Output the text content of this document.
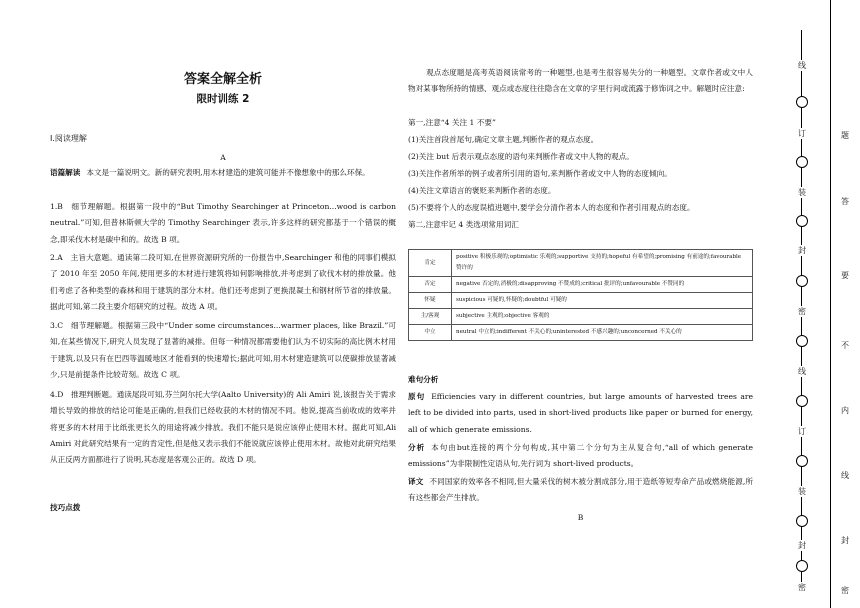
答案全解全析
限时训练 2
Ⅰ.阅读理解
A

语篇解读 本文是一篇说明文。新的研究表明,用木材建造的建筑可能并不像想象中的那么环保。

1.B　细节理解题。根据第一段中的“But Timothy Searchinger at Princeton...wood is carbon neutral.”可知,但普林斯顿大学的 Timothy Searchinger 表示,许多这样的研究都基于一个错误的概念,即采伐木材是碳中和的。故选 B 项。

2.A　主旨大意题。通读第二段可知,在世界资源研究所的一份报告中,Searchinger 和他的同事们模拟了 2010 年至 2050 年间,使用更多的木材进行建筑将如何影响排放,并考虑到了砍伐木材的排放量。他们考虑了各种类型的森林和用于建筑的部分木材。他们还考虑到了更换混凝土和钢材所节省的排放量。据此可知,第二段主要介绍研究的过程。故选 A 项。

3.C　细节理解题。根据第三段中“Under some circumstances...warmer places, like Brazil.”可知,在某些情况下,研究人员发现了显著的减排。但每一种情况都需要他们认为不切实际的高比例木材用于建筑,以及只有在巴西等温暖地区才能看到的快速增长;据此可知,用木材建造建筑可以使碳排放显著减少,只是前提条件比较苛刻。故选 C 项。

4.D　推理判断题。通读尾段可知,芬兰阿尔托大学(Aalto University)的 Ali Amiri 说,该报告关于需求增长导致的排放的结论可能是正确的,但我们已经收获的木材的情况不同。他说,提高当前收成的效率并将更多的木材用于比纸张更长久的用途将减少排放。我们不能只是说应该停止使用木材。据此可知,Ali Amiri 对此研究结果有一定的肯定性,但是他又表示我们不能说就应该停止使用木材。故他对此研究结果从正反两方面都进行了说明,其态度是客观公正的。故选 D 项。

技巧点拨

观点态度题是高考英语阅读常考的一种题型,也是考生很容易失分的一种题型。文章作者或文中人物对某事物所持的情感、观点或态度往往隐含在文章的字里行间或流露于修饰词之中。解题时应注意:

第一,注意“4 关注 1 不要”
(1)关注首段首尾句,确定文章主题,判断作者的观点态度。
(2)关注 but 后表示观点态度的语句来判断作者或文中人物的观点。
(3)关注作者所举的例子或者所引用的语句,来判断作者或文中人物的态度倾向。
(4)关注文章语言的褒贬来判断作者的态度。
(5)不要将个人的态度误植进题中,要学会分清作者本人的态度和作者引用观点的态度。
第二,注意牢记 4 类选项常用词汇
肯定	positive 积极乐观的;optimistic 乐观的;supportive 支持的;hopeful 有希望的;promising 有前途的;favourable 赞许的
否定	negative 否定的,消极的;disapproving 不赞成的;critical 批评的;unfavourable 不赞同的
怀疑	suspicious 可疑的,怀疑的;doubtful 可疑的
主/客观	subjective 主观的;objective 客观的
中立	neutral 中立的;indifferent 不关心的;uninterested 不感兴趣的;unconcerned 不关心的
难句分析

原句 Efficiencies vary in different countries, but large amounts of harvested trees are left to be divided into parts, used in short-lived products like paper or burned for energy, all of which generate emissions.

分析 本句由but连接的两个分句构成,其中第二个分句为主从复合句,“all of which generate emissions”为非限制性定语从句,先行词为 short-lived products。

译文 不同国家的效率各不相同,但大量采伐的树木被分割成部分,用于造纸等短寿命产品或燃烧能源,所有这些都会产生排放。

B
线
订
装
封
密
线
订
装
封
密
题
答
要
不
内
线
封
密
